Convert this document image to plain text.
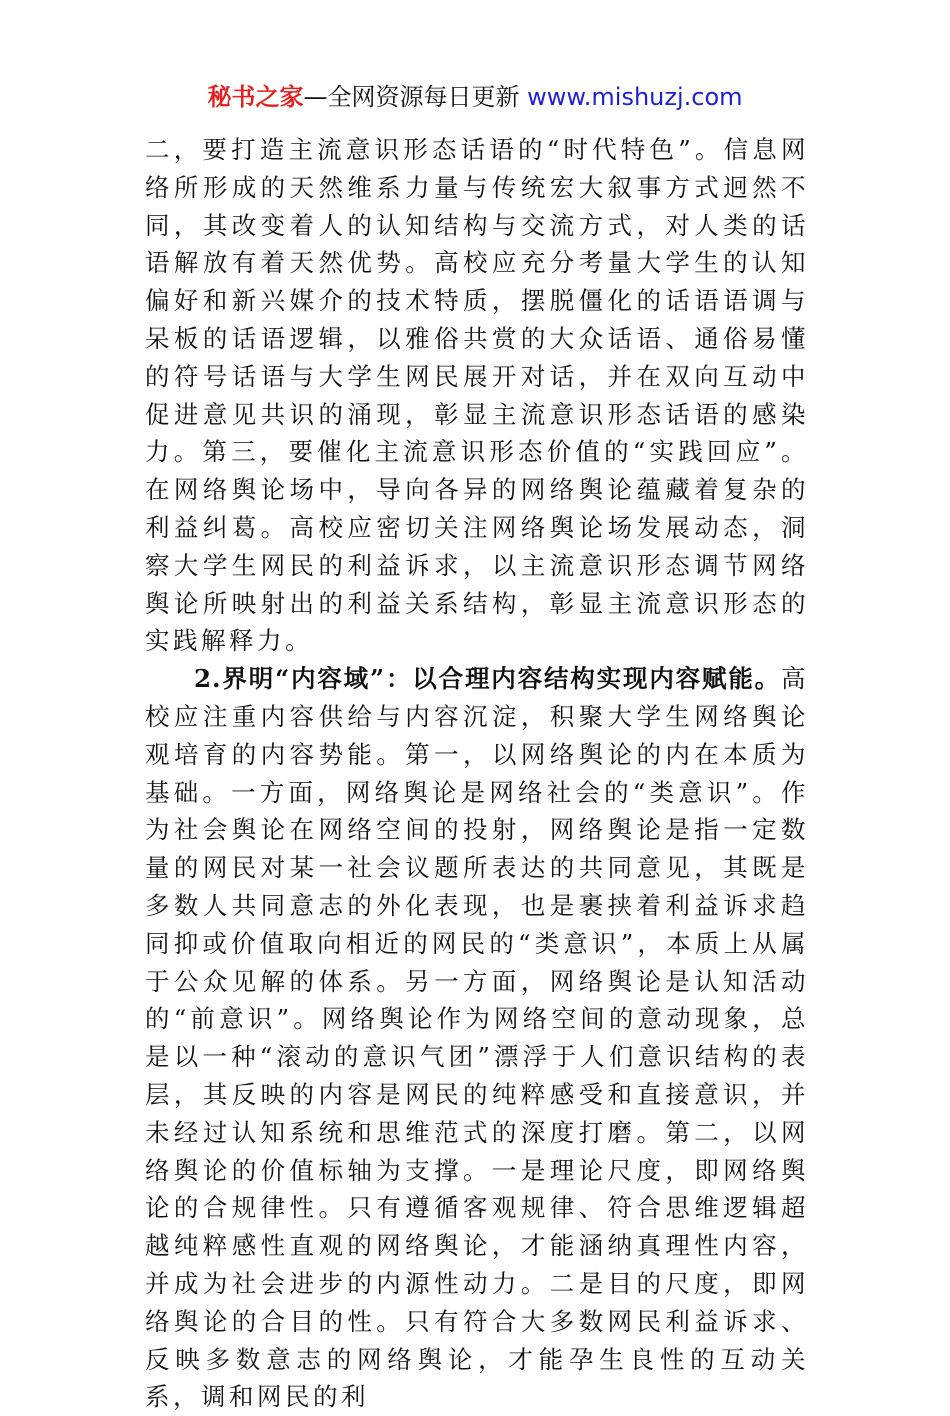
秘书之家—全网资源每日更新 www.mishuzj.com

二，要打造主流意识形态话语的“时代特色”。信息网络所形成的天然维系力量与传统宏大叙事方式迥然不同，其改变着人的认知结构与交流方式，对人类的话语解放有着天然优势。高校应充分考量大学生的认知偏好和新兴媒介的技术特质，摆脱僵化的话语语调与呆板的话语逻辑，以雅俗共赏的大众话语、通俗易懂的符号话语与大学生网民展开对话，并在双向互动中促进意见共识的涌现，彰显主流意识形态话语的感染力。第三，要催化主流意识形态价值的“实践回应”。在网络舆论场中，导向各异的网络舆论蕴藏着复杂的利益纠葛。高校应密切关注网络舆论场发展动态，洞察大学生网民的利益诉求，以主流意识形态调节网络舆论所映射出的利益关系结构，彰显主流意识形态的实践解释力。

2.界明“内容域”：以合理内容结构实现内容赋能。高校应注重内容供给与内容沉淀，积聚大学生网络舆论观培育的内容势能。第一，以网络舆论的内在本质为基础。一方面，网络舆论是网络社会的“类意识”。作为社会舆论在网络空间的投射，网络舆论是指一定数量的网民对某一社会议题所表达的共同意见，其既是多数人共同意志的外化表现，也是裹挟着利益诉求趋同抑或价值取向相近的网民的“类意识”，本质上从属于公众见解的体系。另一方面，网络舆论是认知活动的“前意识”。网络舆论作为网络空间的意动现象，总是以一种“滚动的意识气团”漂浮于人们意识结构的表层，其反映的内容是网民的纯粹感受和直接意识，并未经过认知系统和思维范式的深度打磨。第二，以网络舆论的价值标轴为支撑。一是理论尺度，即网络舆论的合规律性。只有遵循客观规律、符合思维逻辑超越纯粹感性直观的网络舆论，才能涵纳真理性内容，并成为社会进步的内源性动力。二是目的尺度，即网络舆论的合目的性。只有符合大多数网民利益诉求、反映多数意志的网络舆论，才能孕生良性的互动关系，调和网民的利
